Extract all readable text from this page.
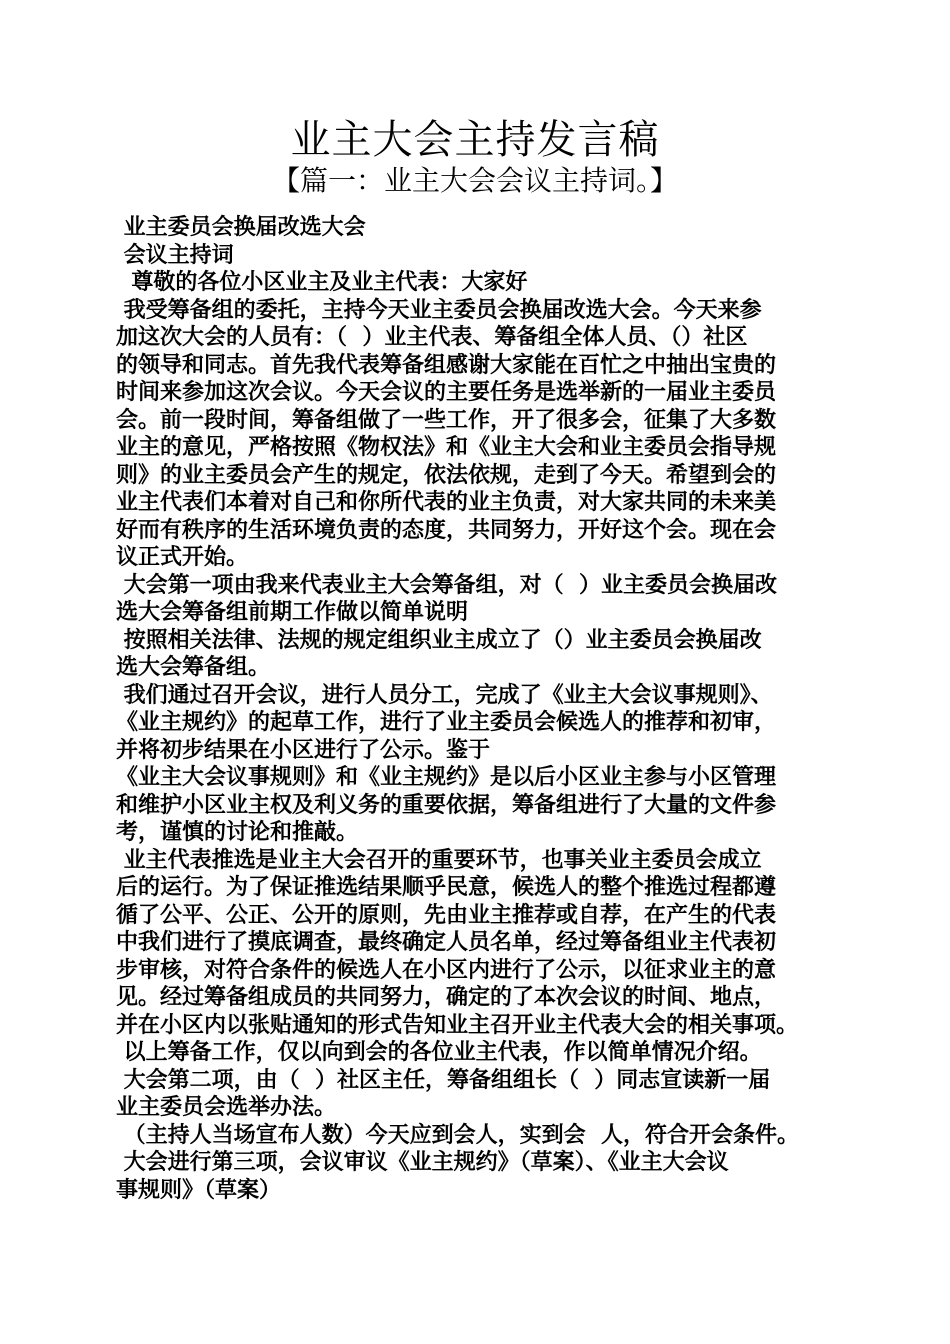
业主大会主持发言稿
【篇一：业主大会会议主持词。】

业主委员会换届改选大会

会议主持词

尊敬的各位小区业主及业主代表：大家好

我受筹备组的委托，主持今天业主委员会换届改选大会。今天来参

加这次大会的人员有：（  ）业主代表、筹备组全体人员、（）社区

的领导和同志。首先我代表筹备组感谢大家能在百忙之中抽出宝贵的

时间来参加这次会议。今天会议的主要任务是选举新的一届业主委员

会。前一段时间，筹备组做了一些工作，开了很多会，征集了大多数

业主的意见，严格按照《物权法》和《业主大会和业主委员会指导规

则》的业主委员会产生的规定，依法依规，走到了今天。希望到会的

业主代表们本着对自己和你所代表的业主负责，对大家共同的未来美

好而有秩序的生活环境负责的态度，共同努力，开好这个会。现在会

议正式开始。

大会第一项由我来代表业主大会筹备组，对（  ）业主委员会换届改

选大会筹备组前期工作做以简单说明

按照相关法律、法规的规定组织业主成立了（）业主委员会换届改

选大会筹备组。

我们通过召开会议，进行人员分工，完成了《业主大会议事规则》、

《业主规约》的起草工作，进行了业主委员会候选人的推荐和初审，

并将初步结果在小区进行了公示。鉴于

《业主大会议事规则》和《业主规约》是以后小区业主参与小区管理

和维护小区业主权及利义务的重要依据，筹备组进行了大量的文件参

考，谨慎的讨论和推敲。

业主代表推选是业主大会召开的重要环节，也事关业主委员会成立

后的运行。为了保证推选结果顺乎民意，候选人的整个推选过程都遵

循了公平、公正、公开的原则，先由业主推荐或自荐，在产生的代表

中我们进行了摸底调查，最终确定人员名单，经过筹备组业主代表初

步审核，对符合条件的候选人在小区内进行了公示，以征求业主的意

见。经过筹备组成员的共同努力，确定的了本次会议的时间、地点，

并在小区内以张贴通知的形式告知业主召开业主代表大会的相关事项。

以上筹备工作，仅以向到会的各位业主代表，作以简单情况介绍。

大会第二项，由（  ）社区主任，筹备组组长（  ）同志宣读新一届

业主委员会选举办法。

（主持人当场宣布人数）今天应到会人，实到会  人，符合开会条件。

大会进行第三项，会议审议《业主规约》（草案）、《业主大会议

事规则》（草案）
